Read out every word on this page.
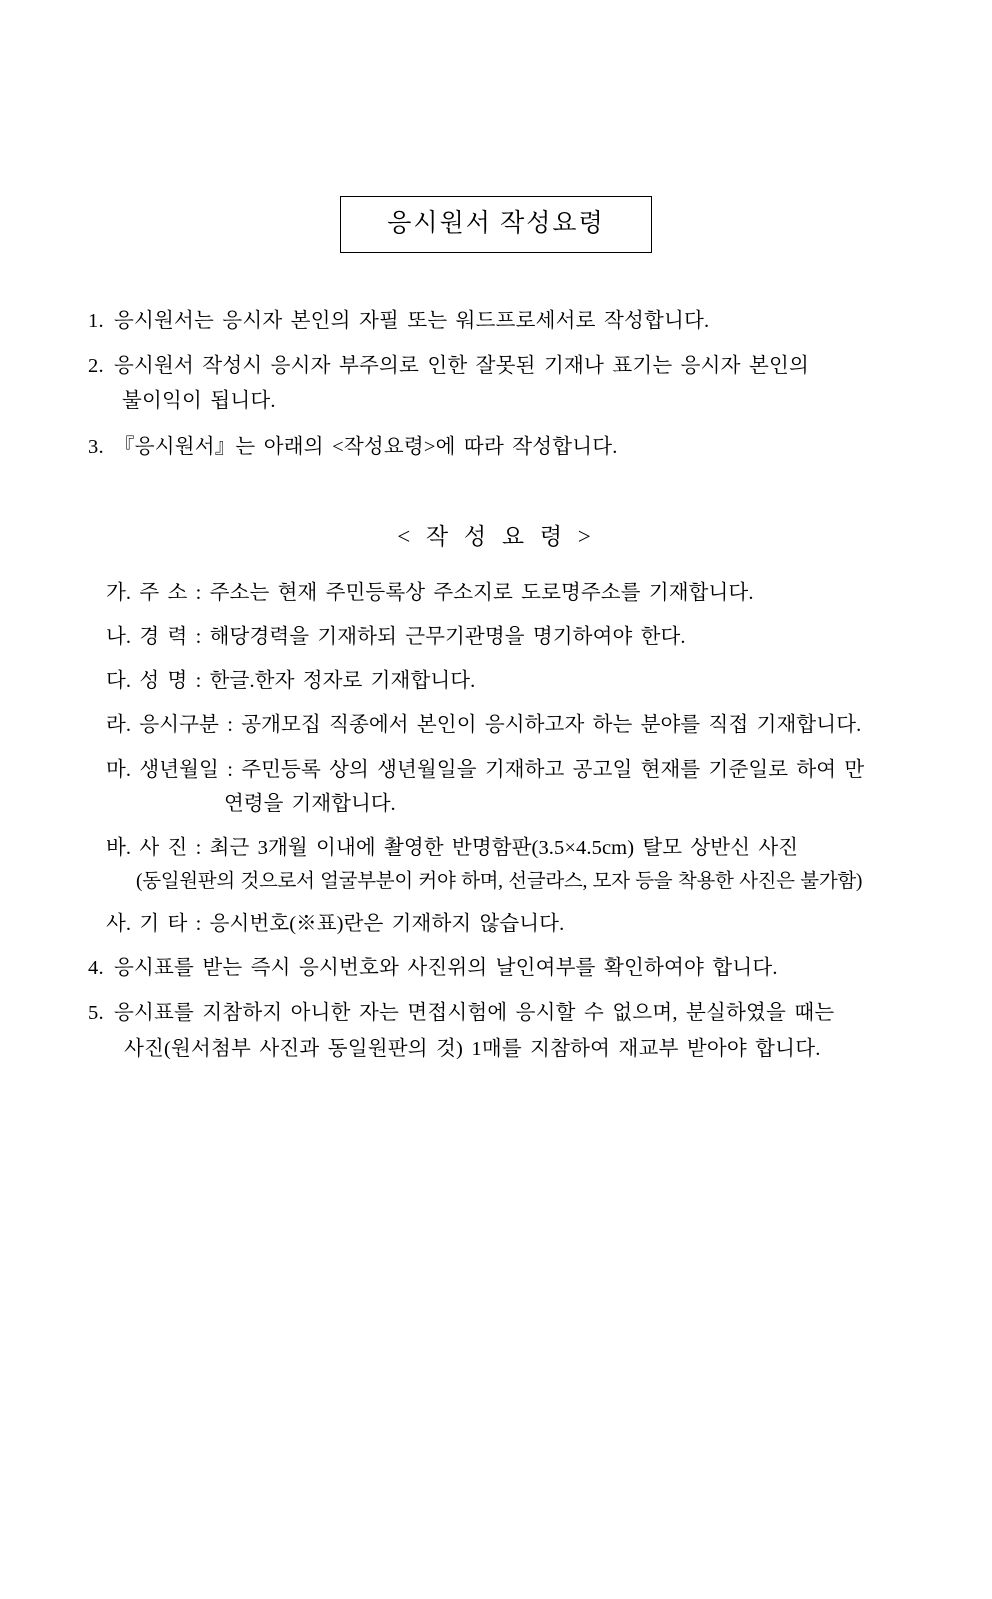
응시원서 작성요령
1. 응시원서는 응시자 본인의 자필 또는 워드프로세서로 작성합니다.
2. 응시원서 작성시 응시자 부주의로 인한 잘못된 기재나 표기는 응시자 본인의
불이익이 됩니다.
3. 『응시원서』는 아래의 <작성요령>에 따라 작성합니다.
< 작 성 요 령 >
가. 주 소 : 주소는 현재 주민등록상 주소지로 도로명주소를 기재합니다.
나. 경 력 : 해당경력을 기재하되 근무기관명을 명기하여야 한다.
다. 성 명 : 한글.한자 정자로 기재합니다.
라. 응시구분 : 공개모집 직종에서 본인이 응시하고자 하는 분야를 직접 기재합니다.
마. 생년월일 : 주민등록 상의 생년월일을 기재하고 공고일 현재를 기준일로 하여 만
연령을 기재합니다.
바. 사 진 : 최근 3개월 이내에 촬영한 반명함판(3.5×4.5cm) 탈모 상반신 사진
(동일원판의 것으로서 얼굴부분이 커야 하며, 선글라스, 모자 등을 착용한 사진은 불가함)
사. 기 타 : 응시번호(※표)란은 기재하지 않습니다.
4. 응시표를 받는 즉시 응시번호와 사진위의 날인여부를 확인하여야 합니다.
5. 응시표를 지참하지 아니한 자는 면접시험에 응시할 수 없으며, 분실하였을 때는
사진(원서첨부 사진과 동일원판의 것) 1매를 지참하여 재교부 받아야 합니다.
